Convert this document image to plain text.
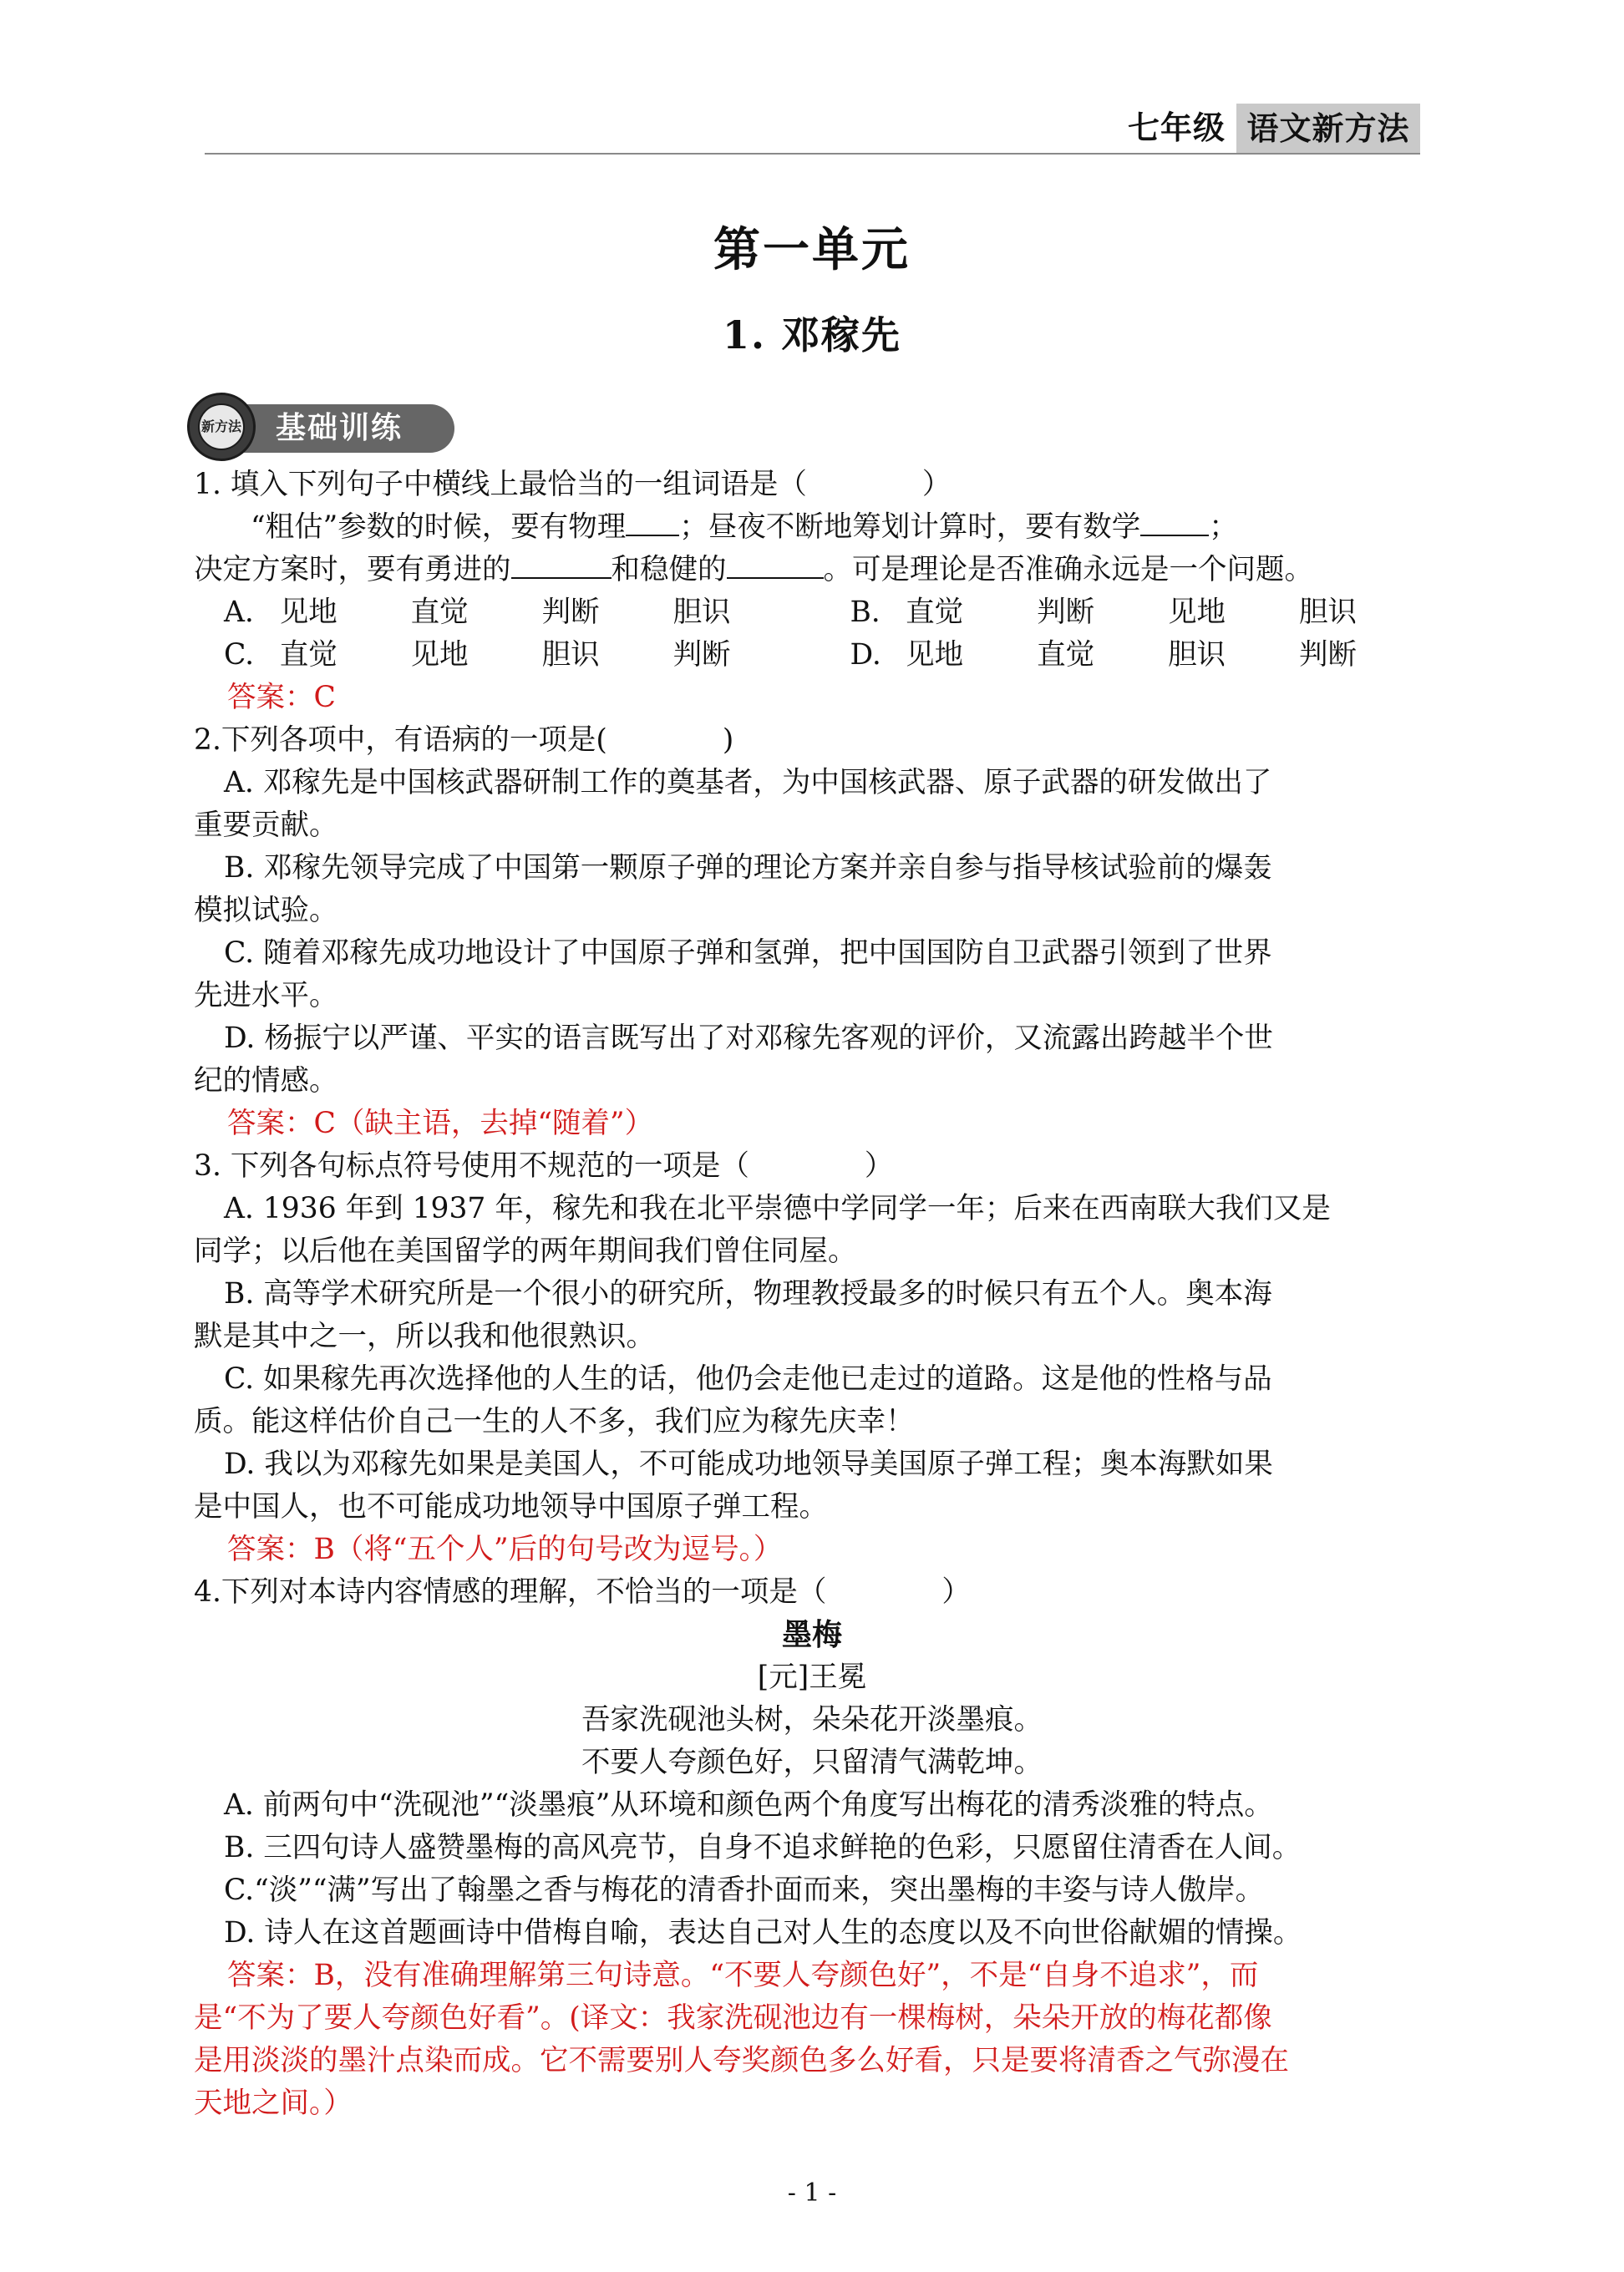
七年级 语文新方法
第一单元
1. 邓稼先
基础训练
新方法

1. 填入下列句子中横线上最恰当的一组词语是（　　　　）

“粗估”参数的时候，要有物理 ；昼夜不断地筹划计算时，要有数学 ；

决定方案时，要有勇进的	和稳健的	。可是理论是否准确永远是一个问题。

A. 见地	直觉	判断	胆识	B. 直觉	判断	见地	胆识
C. 直觉	见地	胆识	判断	D. 见地	直觉	胆识	判断

答案：C

2.下列各项中，有语病的一项是(　　　　)

A. 邓稼先是中国核武器研制工作的奠基者，为中国核武器、原子武器的研发做出了

重要贡献。

B. 邓稼先领导完成了中国第一颗原子弹的理论方案并亲自参与指导核试验前的爆轰

模拟试验。

C. 随着邓稼先成功地设计了中国原子弹和氢弹，把中国国防自卫武器引领到了世界

先进水平。

D. 杨振宁以严谨、平实的语言既写出了对邓稼先客观的评价，又流露出跨越半个世

纪的情感。

答案：C（缺主语，去掉“随着”）

3. 下列各句标点符号使用不规范的一项是（　　　　）

A. 1936 年到 1937 年，稼先和我在北平崇德中学同学一年；后来在西南联大我们又是

同学；以后他在美国留学的两年期间我们曾住同屋。

B. 高等学术研究所是一个很小的研究所，物理教授最多的时候只有五个人。奥本海

默是其中之一，所以我和他很熟识。

C. 如果稼先再次选择他的人生的话，他仍会走他已走过的道路。这是他的性格与品

质。能这样估价自己一生的人不多，我们应为稼先庆幸！

D. 我以为邓稼先如果是美国人，不可能成功地领导美国原子弹工程；奥本海默如果

是中国人，也不可能成功地领导中国原子弹工程。

答案：B（将“五个人”后的句号改为逗号。）

4.下列对本诗内容情感的理解，不恰当的一项是（　　　　）

墨梅

[元]王冕

吾家洗砚池头树，朵朵花开淡墨痕。

不要人夸颜色好，只留清气满乾坤。

A. 前两句中“洗砚池”“淡墨痕”从环境和颜色两个角度写出梅花的清秀淡雅的特点。

B. 三四句诗人盛赞墨梅的高风亮节，自身不追求鲜艳的色彩，只愿留住清香在人间。

C.“淡”“满”写出了翰墨之香与梅花的清香扑面而来，突出墨梅的丰姿与诗人傲岸。

D. 诗人在这首题画诗中借梅自喻，表达自己对人生的态度以及不向世俗献媚的情操。

答案：B，没有准确理解第三句诗意。“不要人夸颜色好”，不是“自身不追求”，而

是“不为了要人夸颜色好看”。(译文：我家洗砚池边有一棵梅树，朵朵开放的梅花都像

是用淡淡的墨汁点染而成。它不需要别人夸奖颜色多么好看，只是要将清香之气弥漫在

天地之间。）

- 1 -
